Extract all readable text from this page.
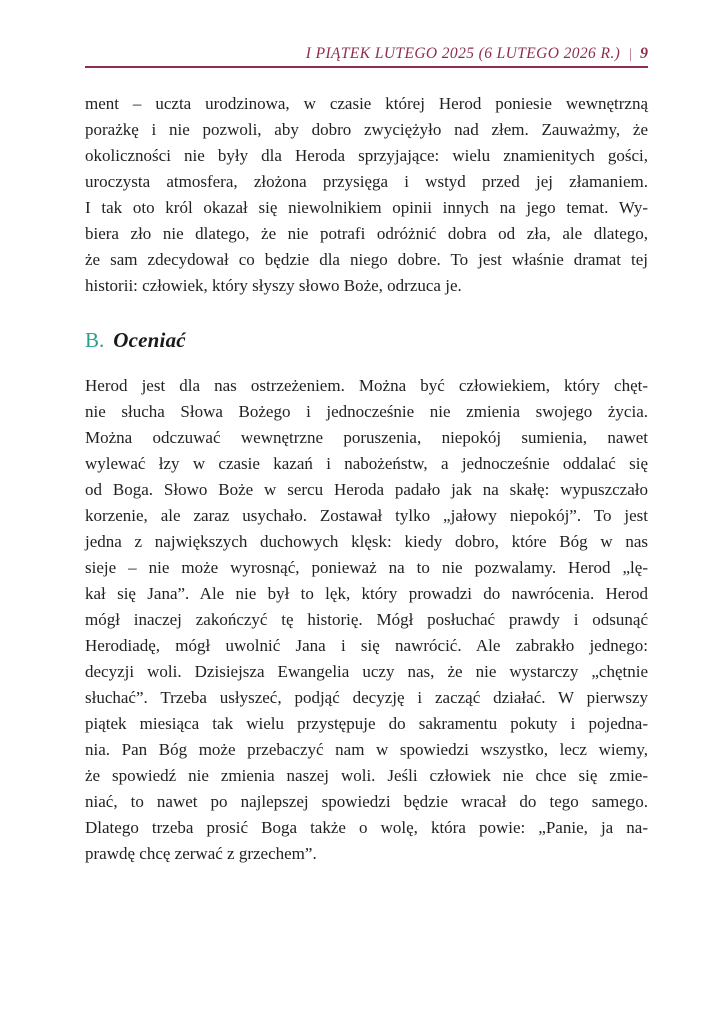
I PIĄTEK LUTEGO 2025 (6 LUTEGO 2026 R.) | 9
ment – uczta urodzinowa, w czasie której Herod poniesie wewnętrzną
porażkę i nie pozwoli, aby dobro zwyciężyło nad złem. Zauważmy, że
okoliczności nie były dla Heroda sprzyjające: wielu znamienitych gości,
uroczysta atmosfera, złożona przysięga i wstyd przed jej złamaniem.
I tak oto król okazał się niewolnikiem opinii innych na jego temat. Wy-
biera zło nie dlatego, że nie potrafi odróżnić dobra od zła, ale dlatego,
że sam zdecydował co będzie dla niego dobre. To jest właśnie dramat tej
historii: człowiek, który słyszy słowo Boże, odrzuca je.
B. Oceniać
Herod jest dla nas ostrzeżeniem. Można być człowiekiem, który chęt-
nie słucha Słowa Bożego i jednocześnie nie zmienia swojego życia.
Można odczuwać wewnętrzne poruszenia, niepokój sumienia, nawet
wylewać łzy w czasie kazań i nabożeństw, a jednocześnie oddalać się
od Boga. Słowo Boże w sercu Heroda padało jak na skałę: wypuszczało
korzenie, ale zaraz usychało. Zostawał tylko „jałowy niepokój”. To jest
jedna z największych duchowych klęsk: kiedy dobro, które Bóg w nas
sieje – nie może wyrosnąć, ponieważ na to nie pozwalamy. Herod „lę-
kał się Jana”. Ale nie był to lęk, który prowadzi do nawrócenia. Herod
mógł inaczej zakończyć tę historię. Mógł posłuchać prawdy i odsunąć
Herodiadę, mógł uwolnić Jana i się nawrócić. Ale zabrakło jednego:
decyzji woli. Dzisiejsza Ewangelia uczy nas, że nie wystarczy „chętnie
słuchać”. Trzeba usłyszeć, podjąć decyzję i zacząć działać. W pierwszy
piątek miesiąca tak wielu przystępuje do sakramentu pokuty i pojedna-
nia. Pan Bóg może przebaczyć nam w spowiedzi wszystko, lecz wiemy,
że spowiedź nie zmienia naszej woli. Jeśli człowiek nie chce się zmie-
niać, to nawet po najlepszej spowiedzi będzie wracał do tego samego.
Dlatego trzeba prosić Boga także o wolę, która powie: „Panie, ja na-
prawdę chcę zerwać z grzechem”.
